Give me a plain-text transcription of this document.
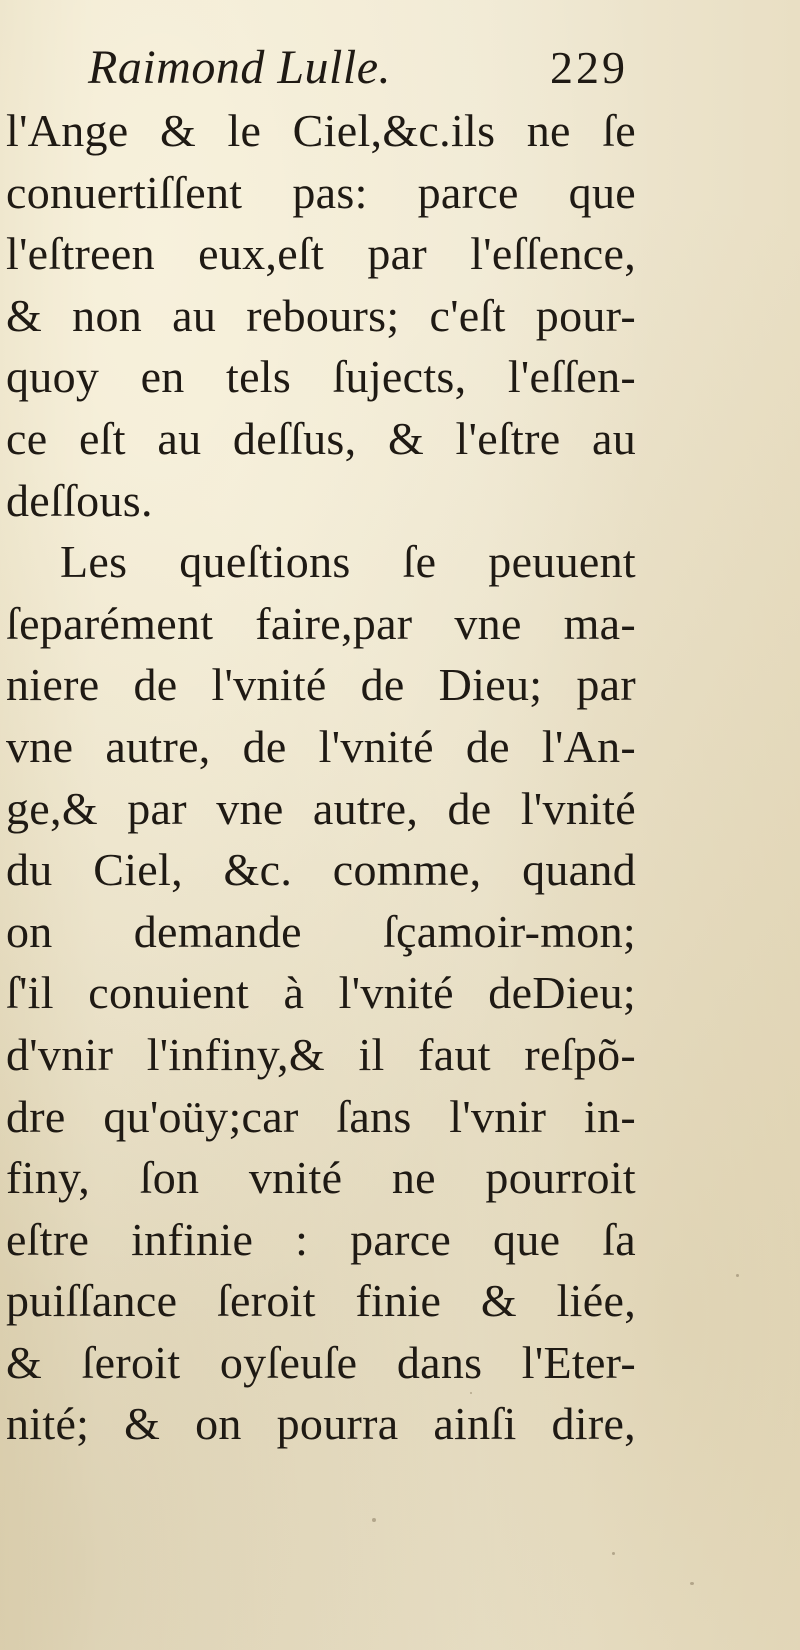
Raimond Lulle.	229
l'Ange & le Ciel,&c.ils ne ſe
conuertiſſent pas: parce que
l'eſtreen eux,eſt par l'eſſence,
& non au rebours; c'eſt pour-
quoy en tels ſujects, l'eſſen-
ce eſt au deſſus, & l'eſtre au
deſſous.
Les queſtions ſe peuuent
ſeparément faire,par vne ma-
niere de l'vnité de Dieu; par
vne autre, de l'vnité de l'An-
ge,& par vne autre, de l'vnité
du Ciel, &c. comme, quand
on demande ſçamoir-mon;
ſ'il conuient à l'vnité deDieu;
d'vnir l'infiny,& il faut reſpõ-
dre qu'oüy;car ſans l'vnir in-
finy, ſon vnité ne pourroit
eſtre infinie : parce que ſa
puiſſance ſeroit finie & liée,
& ſeroit oyſeuſe dans l'Eter-
nité; & on pourra ainſi dire,
